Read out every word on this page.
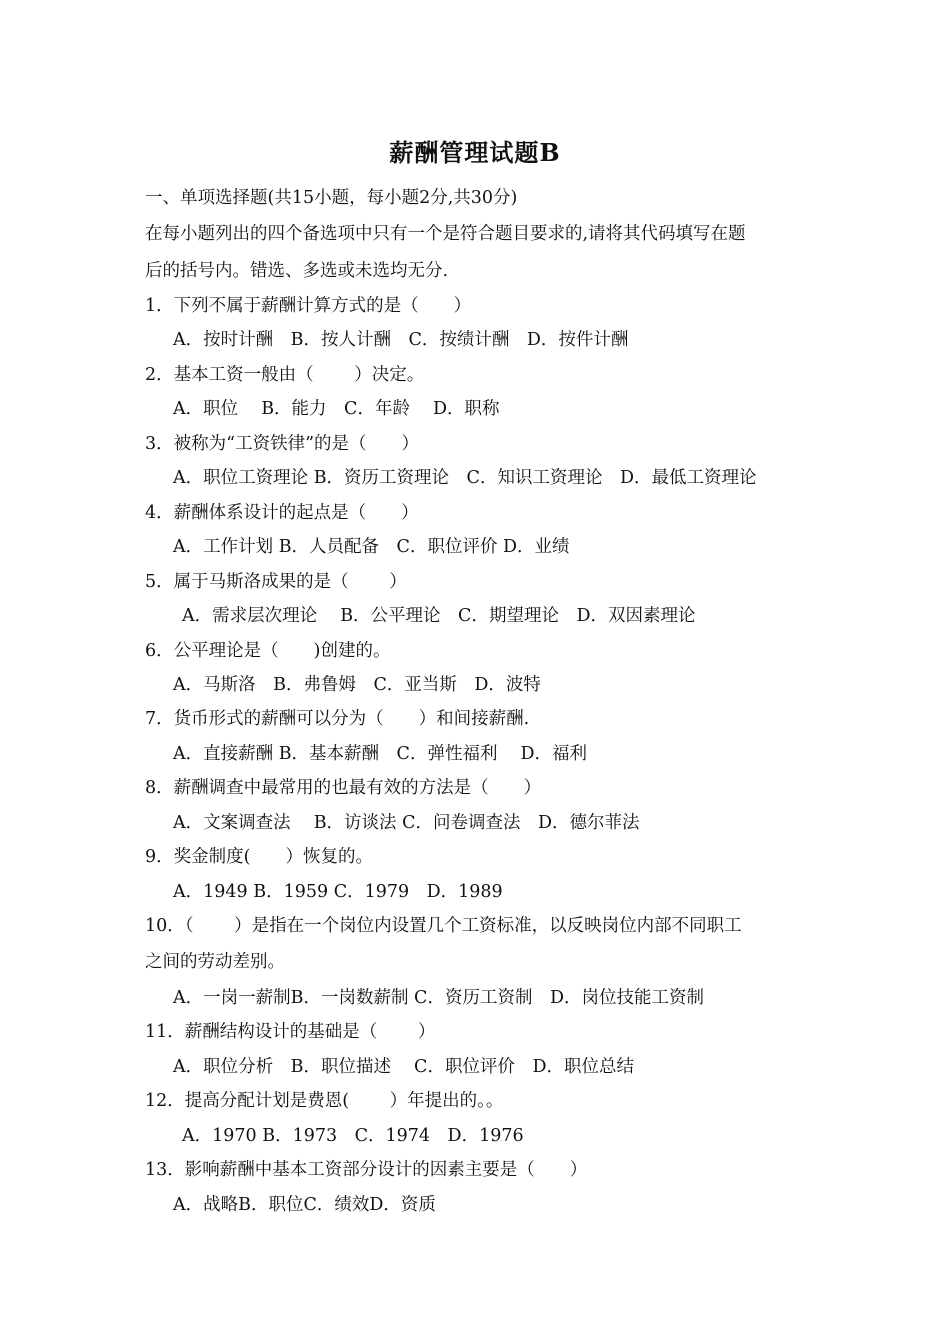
薪酬管理试题B
一、单项选择题(共15小题，每小题2分,共30分)
在每小题列出的四个备选项中只有一个是符合题目要求的,请将其代码填写在题
后的括号内。错选、多选或未选均无分.
1．下列不属于薪酬计算方式的是（　　）
A．按时计酬　B．按人计酬　C．按绩计酬　D．按件计酬
2．基本工资一般由（　　 ）决定。
A．职位　 B．能力　C．年龄　 D．职称
3．被称为“工资铁律”的是（　　）
A．职位工资理论 B．资历工资理论　C．知识工资理论　D．最低工资理论
4．薪酬体系设计的起点是（　　）
A．工作计划 B．人员配备　C．职位评价 D．业绩
5．属于马斯洛成果的是（　　 ）
A．需求层次理论　 B．公平理论　C．期望理论　D．双因素理论
6．公平理论是（　　)创建的。
A．马斯洛　B．弗鲁姆　C．亚当斯　D．波特
7．货币形式的薪酬可以分为（　　）和间接薪酬.
A．直接薪酬 B．基本薪酬　C．弹性福利　 D．福利
8．薪酬调查中最常用的也最有效的方法是（　　）
A．文案调查法　 B．访谈法 C．问卷调查法　D．德尔菲法
9．奖金制度(　　）恢复的。
A．1949 B．1959 C．1979　D．1989
10．（　　 ）是指在一个岗位内设置几个工资标准，以反映岗位内部不同职工
之间的劳动差别。
A．一岗一薪制B．一岗数薪制 C．资历工资制　D．岗位技能工资制
11．薪酬结构设计的基础是（　　 ）
A．职位分析　B．职位描述　 C．职位评价　D．职位总结
12．提高分配计划是费恩(　　 ）年提出的。。
A．1970 B．1973　C．1974　D．1976
13．影响薪酬中基本工资部分设计的因素主要是（　　）
A．战略B．职位C．绩效D．资质
